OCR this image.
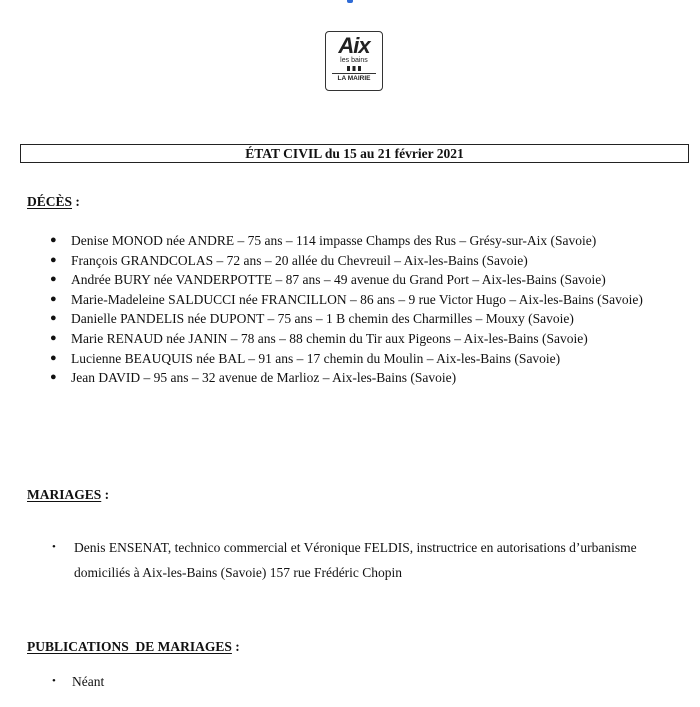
Aix
les bains
LA MAIRIE
ÉTAT CIVIL du 15 au 21 février 2021
DÉCÈS :
● Denise MONOD née ANDRE – 75 ans – 114 impasse Champs des Rus – Grésy-sur-Aix (Savoie)
● François GRANDCOLAS – 72 ans – 20 allée du Chevreuil – Aix-les-Bains (Savoie)
● Andrée BURY née VANDERPOTTE – 87 ans – 49 avenue du Grand Port – Aix-les-Bains (Savoie)
● Marie-Madeleine SALDUCCI née FRANCILLON – 86 ans – 9 rue Victor Hugo – Aix-les-Bains (Savoie)
● Danielle PANDELIS née DUPONT – 75 ans – 1 B chemin des Charmilles – Mouxy (Savoie)
● Marie RENAUD née JANIN – 78 ans – 88 chemin du Tir aux Pigeons – Aix-les-Bains (Savoie)
● Lucienne BEAUQUIS née BAL – 91 ans – 17 chemin du Moulin – Aix-les-Bains (Savoie)
● Jean DAVID – 95 ans – 32 avenue de Marlioz – Aix-les-Bains (Savoie)
MARIAGES :
• Denis ENSENAT, technico commercial et Véronique FELDIS, instructrice en autorisations d’urbanisme domiciliés à Aix-les-Bains (Savoie) 157 rue Frédéric Chopin
PUBLICATIONS  DE MARIAGES :
• Néant
